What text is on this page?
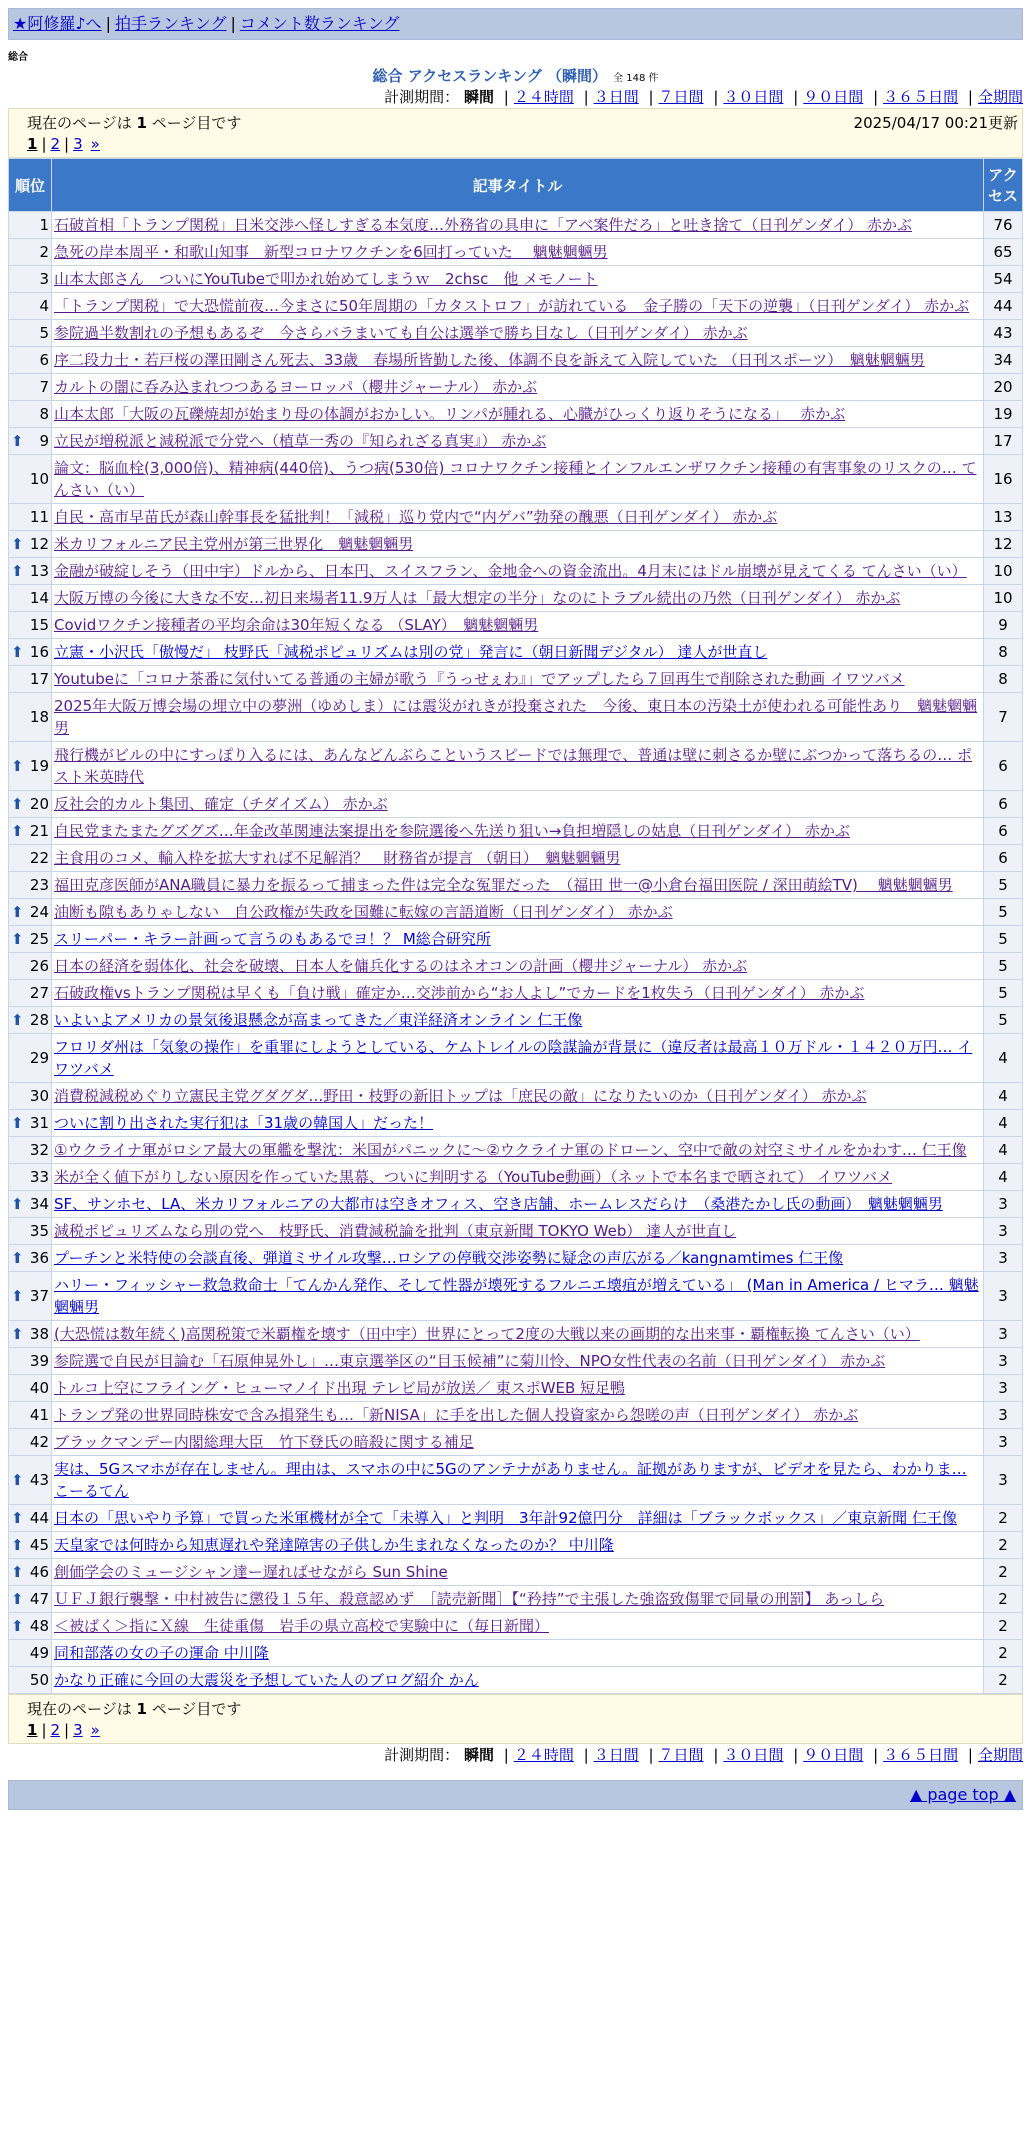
★阿修羅♪へ | 拍手ランキング | コメント数ランキング
総合
総合 アクセスランキング （瞬間） 全 148 件
計測期間： 瞬間 | ２４時間 | ３日間 | ７日間 | ３０日間 | ９０日間 | ３６５日間 | 全期間
現在のページは 1 ページ目です	2025/04/17 00:21更新
1 | 2 | 3 »
順位	記事タイトル	アクセス
1	石破首相「トランプ関税」日米交渉へ怪しすぎる本気度…外務省の具申に「アベ案件だろ」と吐き捨て（日刊ゲンダイ） 赤かぶ	76
2	急死の岸本周平・和歌山知事　新型コロナワクチンを6回打っていた　 魑魅魍魎男	65
3	山本太郎さん　ついにYouTubeで叩かれ始めてしまうｗ　2chsc　他 メモノート	54
4	「トランプ関税」で大恐慌前夜…今まさに50年周期の「カタストロフ」が訪れている　金子勝の「天下の逆襲」（日刊ゲンダイ） 赤かぶ	44
5	参院過半数割れの予想もあるぞ　今さらバラまいても自公は選挙で勝ち目なし（日刊ゲンダイ） 赤かぶ	43
6	序二段力士・若戸桜の澤田剛さん死去、33歳　春場所皆勤した後、体調不良を訴えて入院していた （日刊スポーツ）　魑魅魍魎男	34
7	カルトの闇に呑み込まれつつあるヨーロッパ（櫻井ジャーナル） 赤かぶ	20
8	山本太郎「大阪の瓦礫焼却が始まり母の体調がおかしい。リンパが腫れる、心臓がひっくり返りそうになる」　 赤かぶ	19

⬆ 9	立民が増税派と減税派で分党へ（植草一秀の『知られざる真実』） 赤かぶ	17
10	論文：脳血栓(3,000倍)、精神病(440倍)、うつ病(530倍) コロナワクチン接種とインフルエンザワクチン接種の有害事象のリスクの… てんさい（い）	16
11	自民・高市早苗氏が森山幹事長を猛批判！「減税」巡り党内で“内ゲバ”勃発の醜悪（日刊ゲンダイ） 赤かぶ	13

⬆ 12	米カリフォルニア民主党州が第三世界化　魑魅魍魎男	12

⬆ 13	金融が破綻しそう（田中宇）ドルから、日本円、スイスフラン、金地金への資金流出。4月末にはドル崩壊が見えてくる てんさい（い）	10
14	大阪万博の今後に大きな不安…初日来場者11.9万人は「最大想定の半分」なのにトラブル続出の乃然（日刊ゲンダイ） 赤かぶ	10
15	Covidワクチン接種者の平均余命は30年短くなる （SLAY）　魑魅魍魎男	9

⬆ 16	立憲・小沢氏「傲慢だ」 枝野氏「減税ポピュリズムは別の党」発言に（朝日新聞デジタル） 達人が世直し	8
17	Youtubeに「コロナ茶番に気付いてる普通の主婦が歌う『うっせぇわ』」でアップしたら７回再生で削除された動画 イワツバメ	8
18	2025年大阪万博会場の埋立中の夢洲（ゆめしま）には震災がれきが投棄された　今後、東日本の汚染土が使われる可能性あり　魑魅魍魎男	7

⬆ 19	飛行機がビルの中にすっぽり入るには、あんなどんぶらこというスピードでは無理で、普通は壁に刺さるか壁にぶつかって落ちるの… ポスト米英時代	6

⬆ 20	反社会的カルト集団、確定（チダイズム） 赤かぶ	6

⬆ 21	自民党またまたグズグズ…年金改革関連法案提出を参院選後へ先送り狙い→負担増隠しの姑息（日刊ゲンダイ） 赤かぶ	6
22	主食用のコメ、輸入枠を拡大すれば不足解消？　財務省が提言 （朝日）　魑魅魍魎男	6
23	福田克彦医師がANA職員に暴力を振るって捕まった件は完全な冤罪だった　（福田 世一@小倉台福田医院 / 深田萌絵TV)　 魑魅魍魎男	5

⬆ 24	油断も隙もありゃしない　自公政権が失政を国難に転嫁の言語道断（日刊ゲンダイ） 赤かぶ	5

⬆ 25	スリーパー・キラー計画って言うのもあるでヨ！？ M総合研究所	5
26	日本の経済を弱体化、社会を破壊、日本人を傭兵化するのはネオコンの計画（櫻井ジャーナル） 赤かぶ	5
27	石破政権vsトランプ関税は早くも「負け戦」確定か…交渉前から“お人よし”でカードを1枚失う（日刊ゲンダイ） 赤かぶ	5

⬆ 28	いよいよアメリカの景気後退懸念が高まってきた／東洋経済オンライン 仁王像	5
29	フロリダ州は「気象の操作」を重罪にしようとしている、ケムトレイルの陰謀論が背景に（違反者は最高１０万ドル・１４２０万円… イワツバメ	4
30	消費税減税めぐり立憲民主党グダグダ…野田・枝野の新旧トップは「庶民の敵」になりたいのか（日刊ゲンダイ） 赤かぶ	4

⬆ 31	ついに割り出された実行犯は「31歳の韓国人」だった！	4
32	①ウクライナ軍がロシア最大の軍艦を撃沈：米国がパニックに〜②ウクライナ軍のドローン、空中で敵の対空ミサイルをかわす… 仁王像	4
33	米が全く値下がりしない原因を作っていた黒幕、ついに判明する（YouTube動画）（ネットで本名まで晒されて） イワツバメ	4

⬆ 34	SF、サンホセ、LA、米カリフォルニアの大都市は空きオフィス、空き店舗、ホームレスだらけ　（桑港たかし氏の動画）　魑魅魍魎男	3
35	減税ポピュリズムなら別の党へ　枝野氏、消費減税論を批判（東京新聞 TOKYO Web） 達人が世直し	3

⬆ 36	プーチンと米特使の会談直後、弾道ミサイル攻撃…ロシアの停戦交渉姿勢に疑念の声広がる／kangnamtimes 仁王像	3

⬆ 37	ハリー・フィッシャー救急救命士「てんかん発作、そして性器が壊死するフルニエ壊疽が増えている」 (Man in America / ヒマラ… 魑魅魍魎男	3

⬆ 38	(大恐慌は数年続く)高関税策で米覇権を壊す（田中宇）世界にとって2度の大戦以来の画期的な出来事・覇権転換 てんさい（い）	3
39	参院選で自民が目論む「石原伸晃外し」…東京選挙区の“目玉候補”に菊川怜、NPO女性代表の名前（日刊ゲンダイ） 赤かぶ	3
40	トルコ上空にフライング・ヒューマノイド出現 テレビ局が放送／ 東スポWEB 短足鴨	3
41	トランプ発の世界同時株安で含み損発生も…「新NISA」に手を出した個人投資家から怨嗟の声（日刊ゲンダイ） 赤かぶ	3
42	ブラックマンデー内閣総理大臣　竹下登氏の暗殺に関する補足	3

⬆ 43	実は、5Gスマホが存在しません。理由は、スマホの中に5Gのアンテナがありません。証拠がありますが、ビデオを見たら、わかりま… こーるてん	3

⬆ 44	日本の「思いやり予算」で買った米軍機材が全て「未導入」と判明　3年計92億円分　詳細は「ブラックボックス」／東京新聞 仁王像	2

⬆ 45	天皇家では何時から知恵遅れや発達障害の子供しか生まれなくなったのか？ 中川隆	2

⬆ 46	創価学会のミュージシャン達ー遅ればせながら Sun Shine	2

⬆ 47	ＵＦＪ銀行襲撃・中村被告に懲役１５年、殺意認めず　［読売新聞］【“矜持”で主張した強盗致傷罪で同量の刑罰】 あっしら	2

⬆ 48	＜被ばく＞指にＸ線　生徒重傷　岩手の県立高校で実験中に（毎日新聞）	2
49	同和部落の女の子の運命 中川隆	2
50	かなり正確に今回の大震災を予想していた人のブログ紹介 かん	2
現在のページは 1 ページ目です
1 | 2 | 3 »
計測期間： 瞬間 | ２４時間 | ３日間 | ７日間 | ３０日間 | ９０日間 | ３６５日間 | 全期間
▲ page top ▲
